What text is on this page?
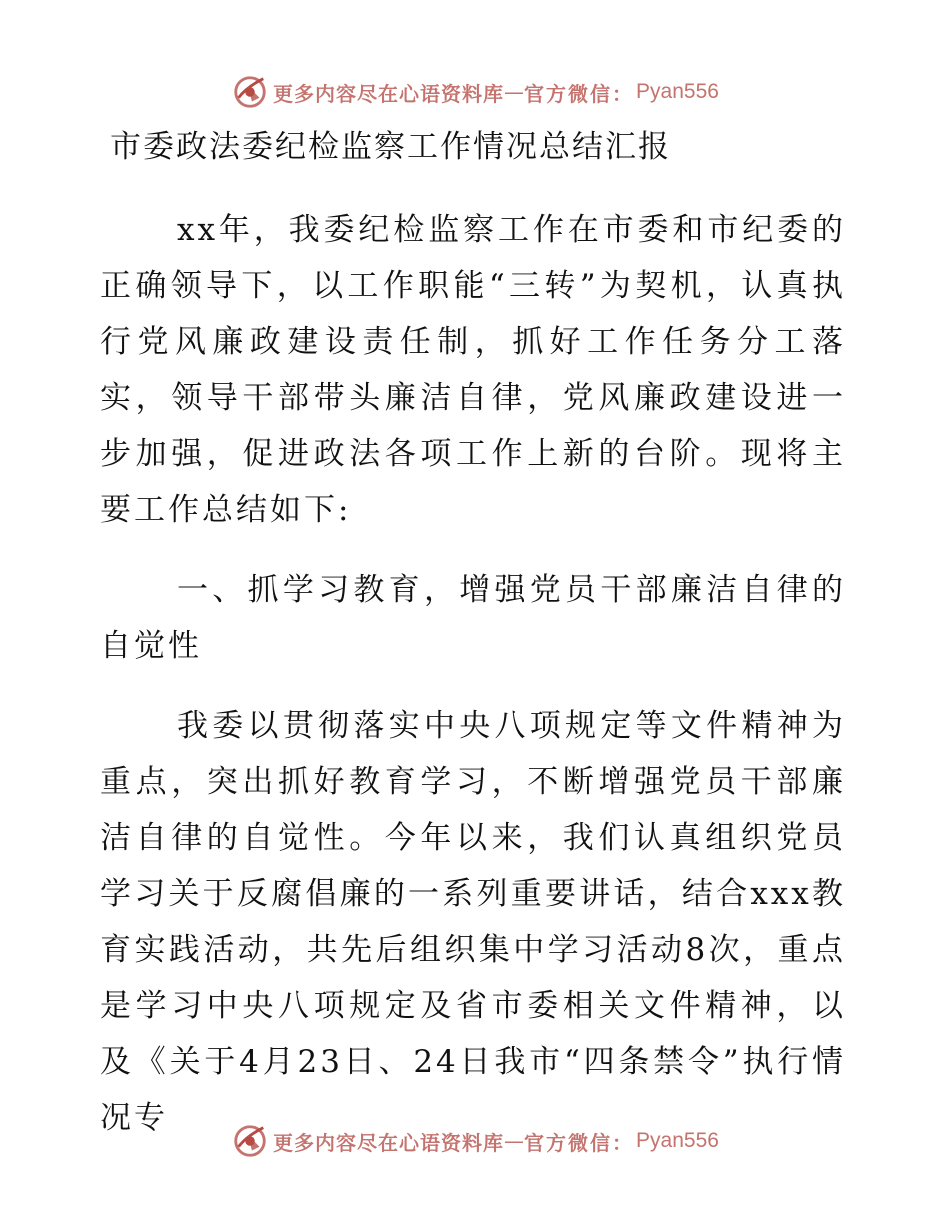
更多内容尽在心语资料库 — 官方微信： Pyan556
市委政法委纪检监察工作情况总结汇报

xx年，我委纪检监察工作在市委和市纪委的正确领导下，以工作职能“三转”为契机，认真执行党风廉政建设责任制，抓好工作任务分工落实，领导干部带头廉洁自律，党风廉政建设进一步加强，促进政法各项工作上新的台阶。现将主要工作总结如下:

一、抓学习教育，增强党员干部廉洁自律的自觉性

我委以贯彻落实中央八项规定等文件精神为重点，突出抓好教育学习，不断增强党员干部廉洁自律的自觉性。今年以来，我们认真组织党员学习关于反腐倡廉的一系列重要讲话，结合xxx教育实践活动，共先后组织集中学习活动8次，重点是学习中央八项规定及省市委相关文件精神，以及《关于4月23日、24日我市“四条禁令”执行情况专

更多内容尽在心语资料库 — 官方微信： Pyan556
